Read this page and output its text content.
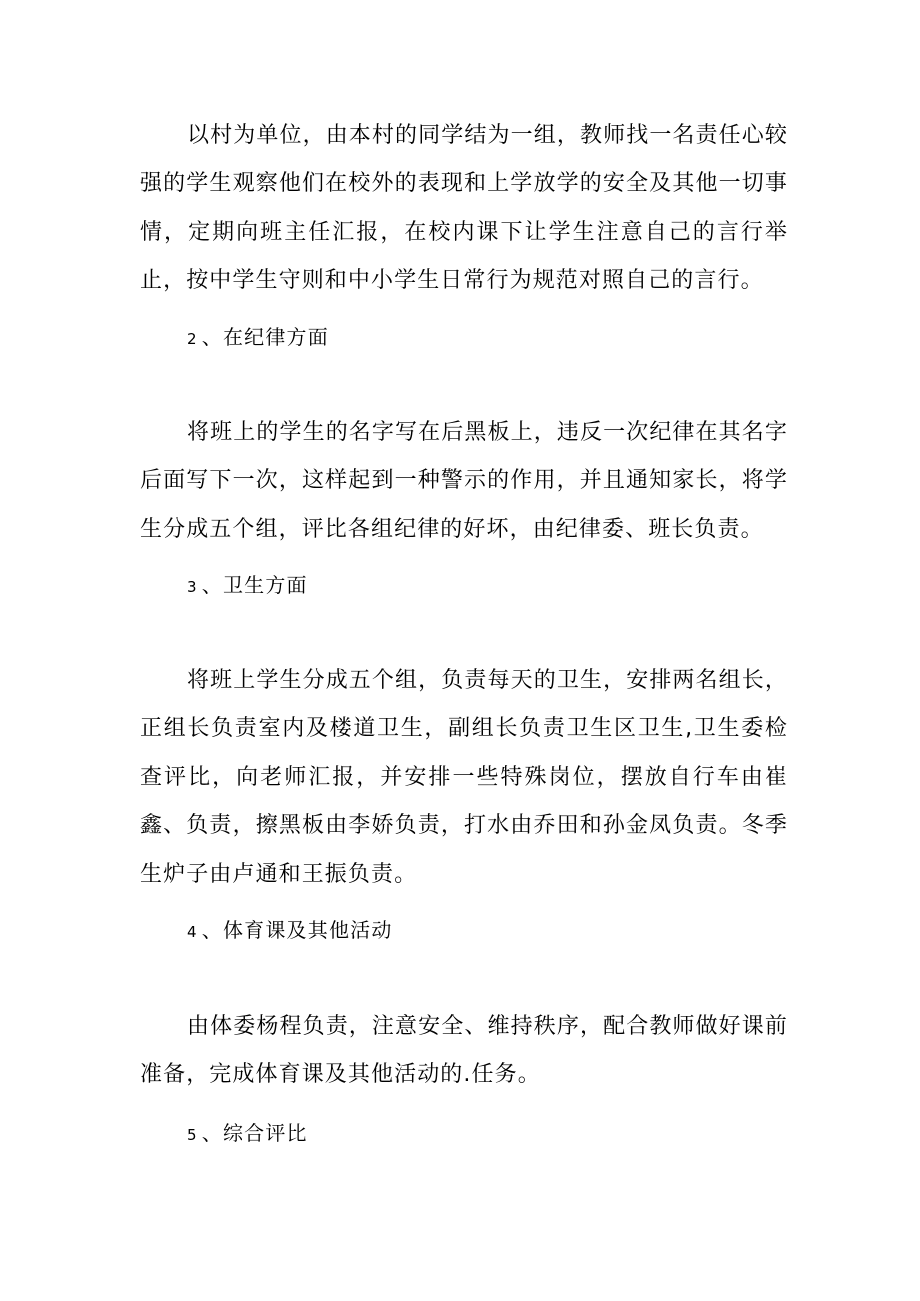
以村为单位，由本村的同学结为一组，教师找一名责任心较强的学生观察他们在校外的表现和上学放学的安全及其他一切事情，定期向班主任汇报，在校内课下让学生注意自己的言行举止，按中学生守则和中小学生日常行为规范对照自己的言行。

2 、在纪律方面

将班上的学生的名字写在后黑板上，违反一次纪律在其名字后面写下一次，这样起到一种警示的作用，并且通知家长，将学生分成五个组，评比各组纪律的好坏，由纪律委、班长负责。

3 、卫生方面

将班上学生分成五个组，负责每天的卫生，安排两名组长，正组长负责室内及楼道卫生，副组长负责卫生区卫生,卫生委检查评比，向老师汇报，并安排一些特殊岗位，摆放自行车由崔鑫、负责，擦黑板由李娇负责，打水由乔田和孙金凤负责。冬季生炉子由卢通和王振负责。

4 、体育课及其他活动

由体委杨程负责，注意安全、维持秩序，配合教师做好课前准备，完成体育课及其他活动的.任务。

5 、综合评比
